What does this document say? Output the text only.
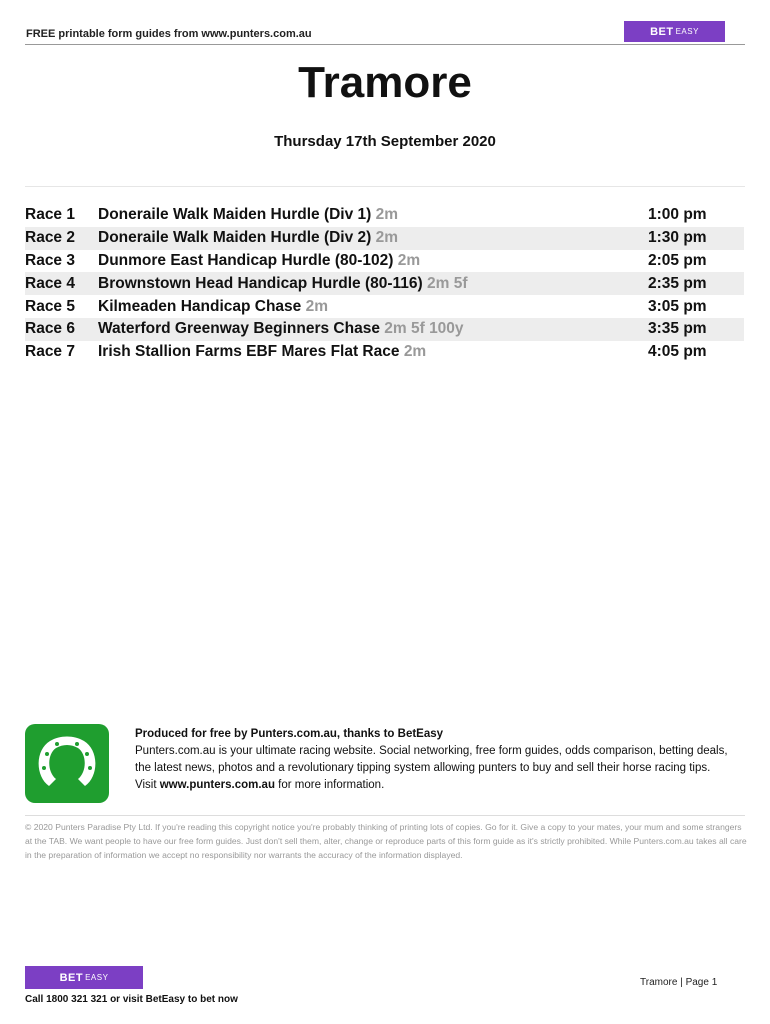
FREE printable form guides from www.punters.com.au	BET EASY
Tramore
Thursday 17th September 2020
Race 1	Doneraile Walk Maiden Hurdle (Div 1) 2m	1:00 pm
Race 2	Doneraile Walk Maiden Hurdle (Div 2) 2m	1:30 pm
Race 3	Dunmore East Handicap Hurdle (80-102) 2m	2:05 pm
Race 4	Brownstown Head Handicap Hurdle (80-116) 2m 5f	2:35 pm
Race 5	Kilmeaden Handicap Chase 2m	3:05 pm
Race 6	Waterford Greenway Beginners Chase 2m 5f 100y	3:35 pm
Race 7	Irish Stallion Farms EBF Mares Flat Race 2m	4:05 pm
Produced for free by Punters.com.au, thanks to BetEasy
Punters.com.au is your ultimate racing website. Social networking, free form guides, odds comparison, betting deals, the latest news, photos and a revolutionary tipping system allowing punters to buy and sell their horse racing tips.
Visit www.punters.com.au for more information.
© 2020 Punters Paradise Pty Ltd. If you're reading this copyright notice you're probably thinking of printing lots of copies. Go for it. Give a copy to your mates, your mum and some strangers at the TAB. We want people to have our free form guides. Just don't sell them, alter, change or reproduce parts of this form guide as it's strictly prohibited. While Punters.com.au takes all care in the preparation of information we accept no responsibility nor warrants the accuracy of the information displayed.
BET EASY
Call 1800 321 321 or visit BetEasy to bet now
Tramore | Page 1
